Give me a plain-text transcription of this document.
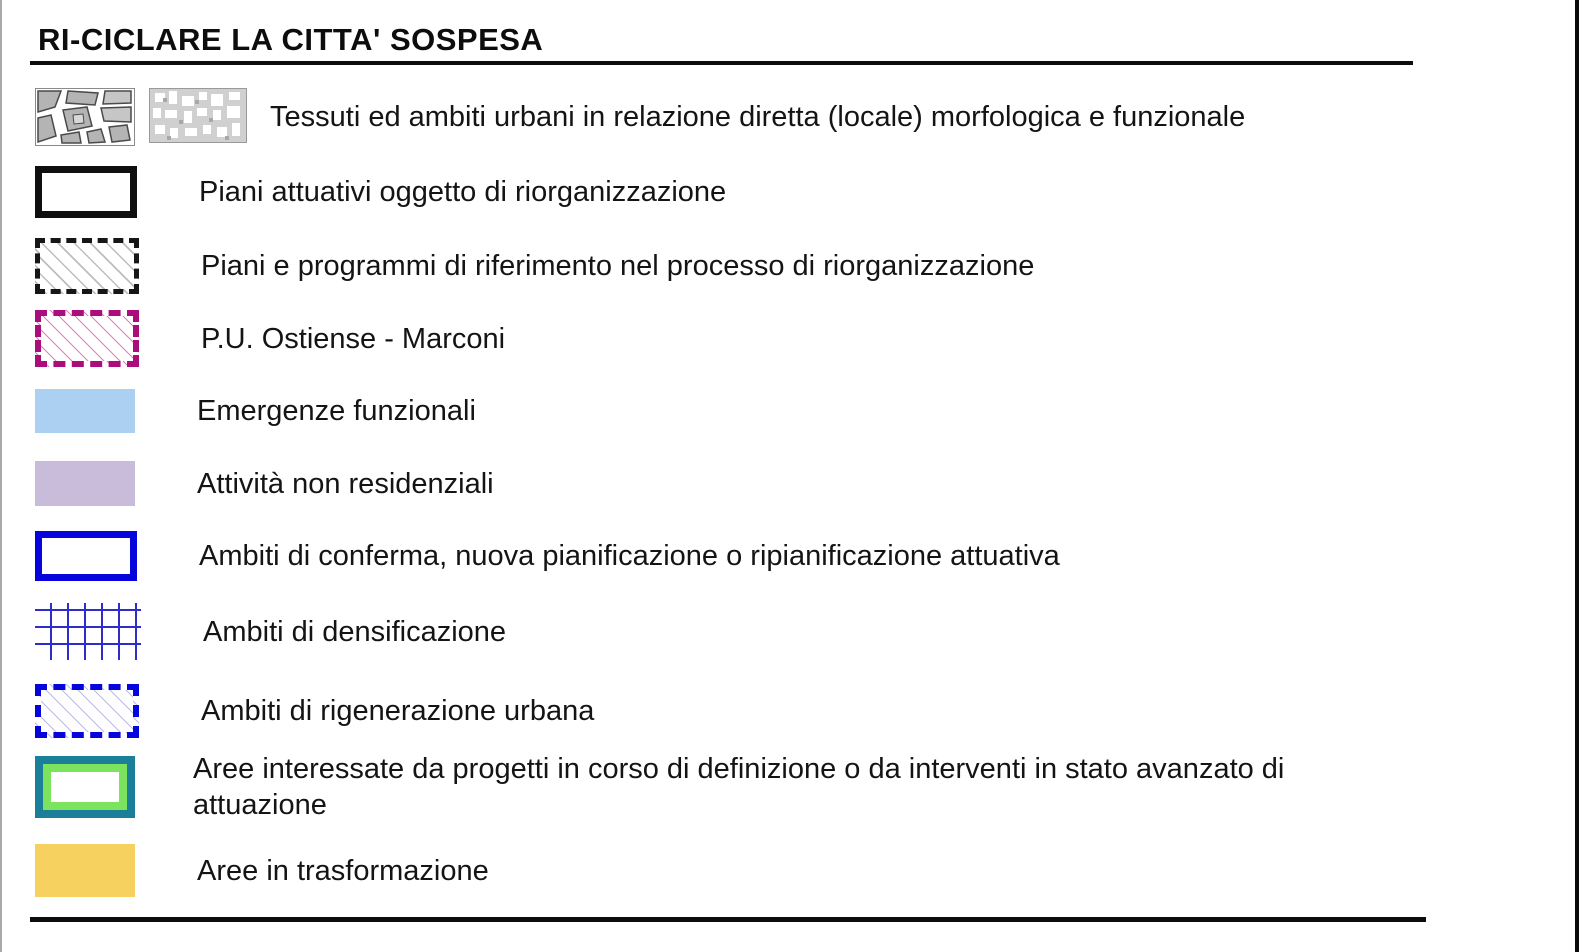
RI-CICLARE LA CITTA' SOSPESA
Tessuti ed ambiti urbani in relazione diretta (locale) morfologica e funzionale
Piani attuativi oggetto di riorganizzazione
Piani e programmi di riferimento nel processo di riorganizzazione
P.U. Ostiense - Marconi
Emergenze funzionali
Attività non residenziali
Ambiti di conferma, nuova pianificazione o ripianificazione attuativa
Ambiti di densificazione
Ambiti di rigenerazione urbana
Aree interessate da progetti in corso di definizione o da interventi in stato avanzato di attuazione
Aree in trasformazione
